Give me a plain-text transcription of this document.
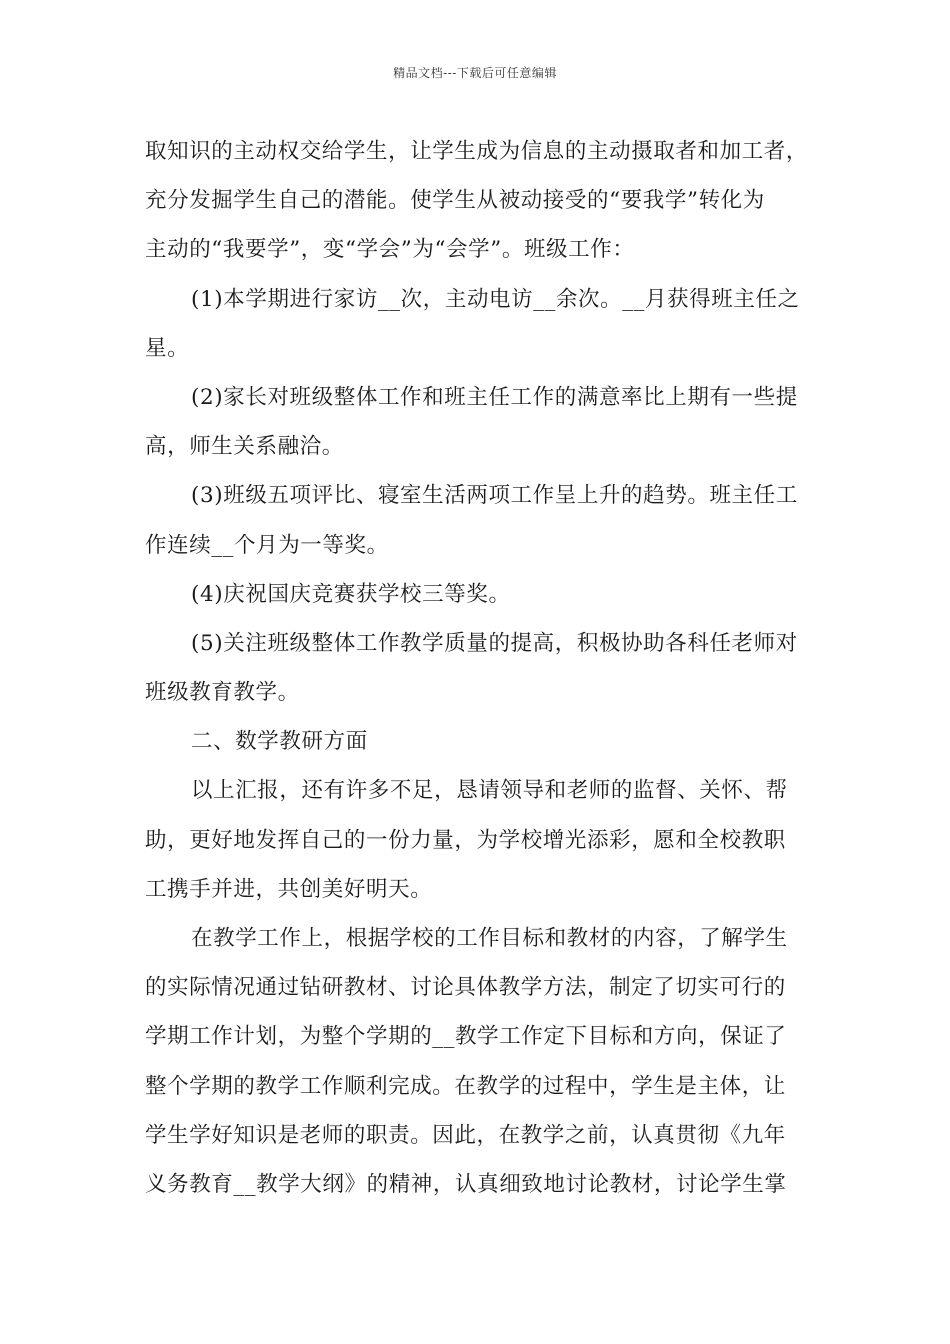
精品文档---下载后可任意编辑
取知识的主动权交给学生，让学生成为信息的主动摄取者和加工者，
充分发掘学生自己的潜能。使学生从被动接受的“要我学”转化为
主动的“我要学”，变“学会”为“会学”。班级工作：
(1)本学期进行家访__次，主动电访__余次。__月获得班主任之
星。
(2)家长对班级整体工作和班主任工作的满意率比上期有一些提
高，师生关系融洽。
(3)班级五项评比、寝室生活两项工作呈上升的趋势。班主任工
作连续__个月为一等奖。
(4)庆祝国庆竞赛获学校三等奖。
(5)关注班级整体工作教学质量的提高，积极协助各科任老师对
班级教育教学。
二、数学教研方面
以上汇报，还有许多不足，恳请领导和老师的监督、关怀、帮
助，更好地发挥自己的一份力量，为学校增光添彩，愿和全校教职
工携手并进，共创美好明天。
在教学工作上，根据学校的工作目标和教材的内容，了解学生
的实际情况通过钻研教材、讨论具体教学方法，制定了切实可行的
学期工作计划，为整个学期的__教学工作定下目标和方向，保证了
整个学期的教学工作顺利完成。在教学的过程中，学生是主体，让
学生学好知识是老师的职责。因此，在教学之前，认真贯彻《九年
义务教育__教学大纲》的精神，认真细致地讨论教材，讨论学生掌
